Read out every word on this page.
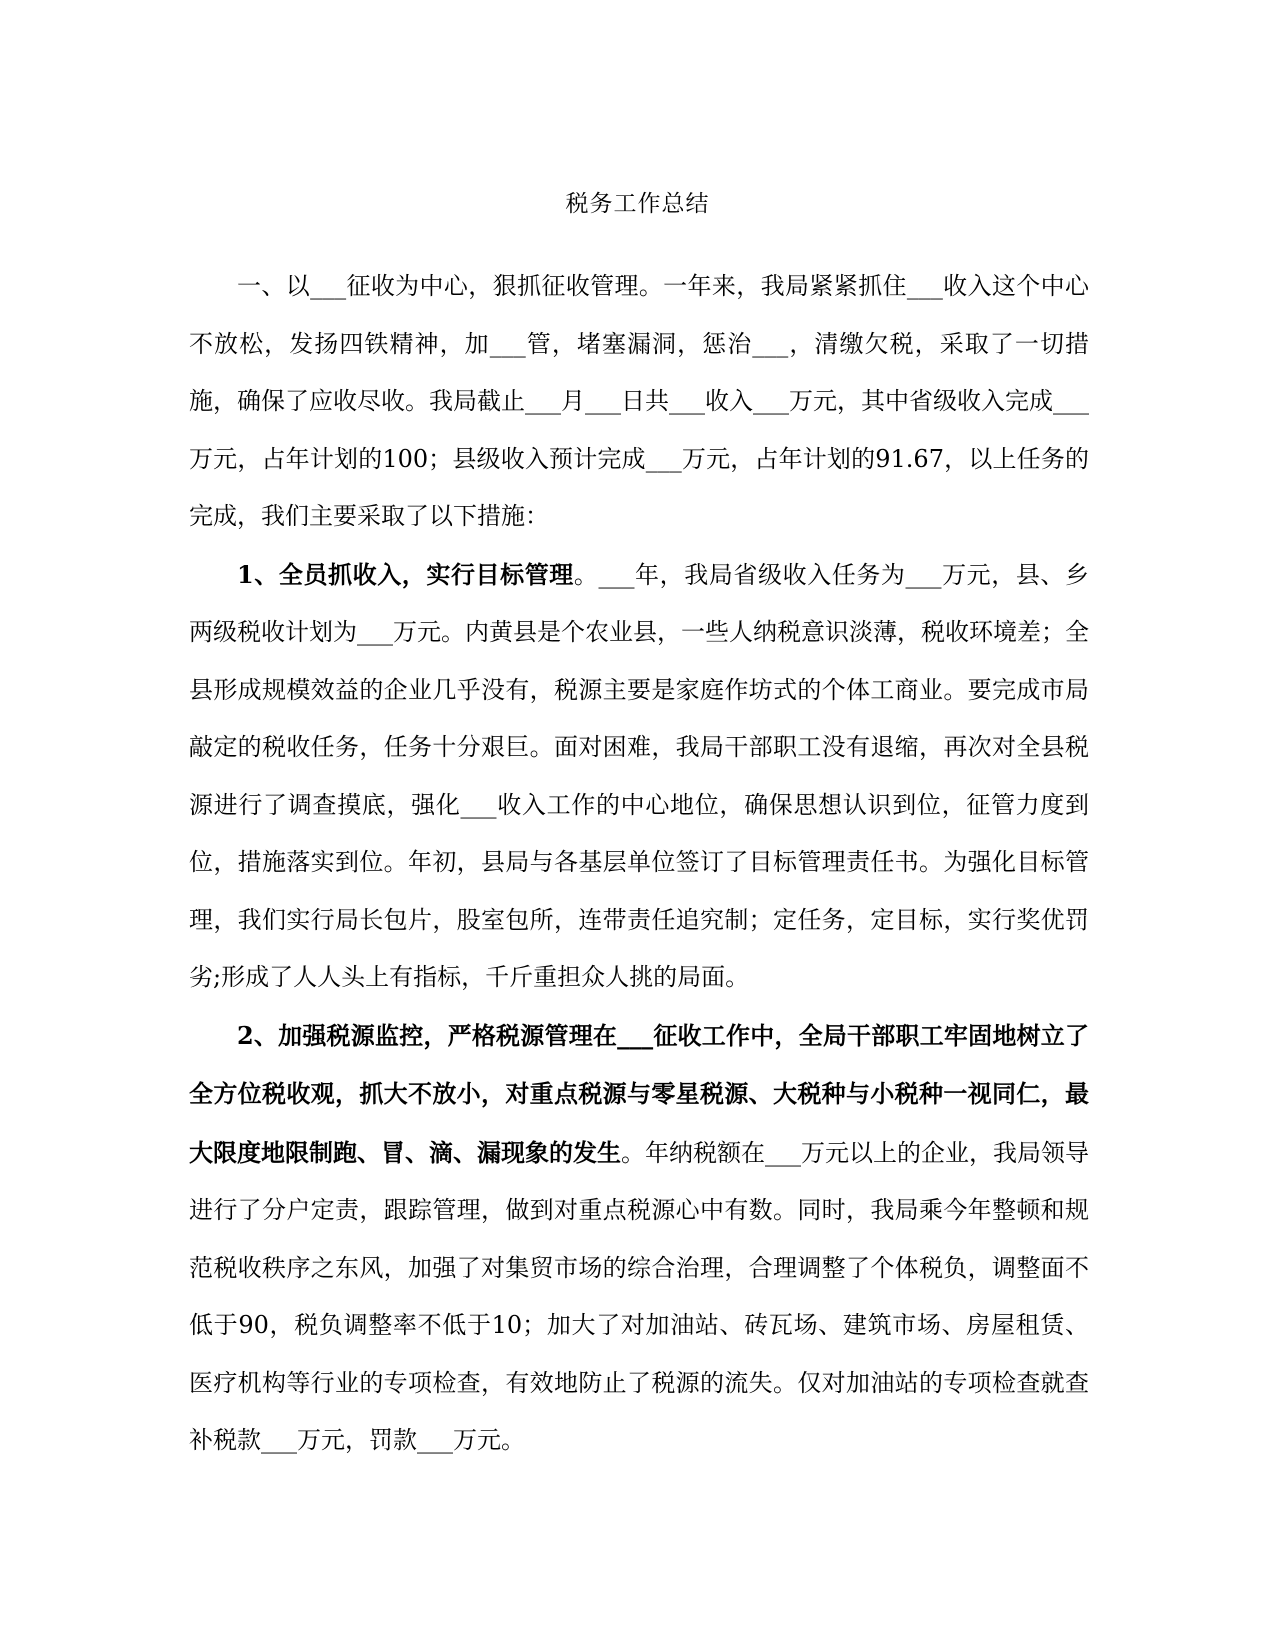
税务工作总结

一、以___征收为中心，狠抓征收管理。一年来，我局紧紧抓住___收入这个中心不放松，发扬四铁精神，加___管，堵塞漏洞，惩治___，清缴欠税，采取了一切措施，确保了应收尽收。我局截止___月___日共___收入___万元，其中省级收入完成___万元，占年计划的100；县级收入预计完成___万元，占年计划的91.67，以上任务的完成，我们主要采取了以下措施：

1、全员抓收入，实行目标管理。___年，我局省级收入任务为___万元，县、乡两级税收计划为___万元。内黄县是个农业县，一些人纳税意识淡薄，税收环境差；全县形成规模效益的企业几乎没有，税源主要是家庭作坊式的个体工商业。要完成市局敲定的税收任务，任务十分艰巨。面对困难，我局干部职工没有退缩，再次对全县税源进行了调查摸底，强化___收入工作的中心地位，确保思想认识到位，征管力度到位，措施落实到位。年初，县局与各基层单位签订了目标管理责任书。为强化目标管理，我们实行局长包片，股室包所，连带责任追究制；定任务，定目标，实行奖优罚劣;形成了人人头上有指标，千斤重担众人挑的局面。

2、加强税源监控，严格税源管理在___征收工作中，全局干部职工牢固地树立了全方位税收观，抓大不放小，对重点税源与零星税源、大税种与小税种一视同仁，最大限度地限制跑、冒、滴、漏现象的发生。年纳税额在___万元以上的企业，我局领导进行了分户定责，跟踪管理，做到对重点税源心中有数。同时，我局乘今年整顿和规范税收秩序之东风，加强了对集贸市场的综合治理，合理调整了个体税负，调整面不低于90，税负调整率不低于10；加大了对加油站、砖瓦场、建筑市场、房屋租赁、医疗机构等行业的专项检查，有效地防止了税源的流失。仅对加油站的专项检查就查补税款___万元，罚款___万元。
